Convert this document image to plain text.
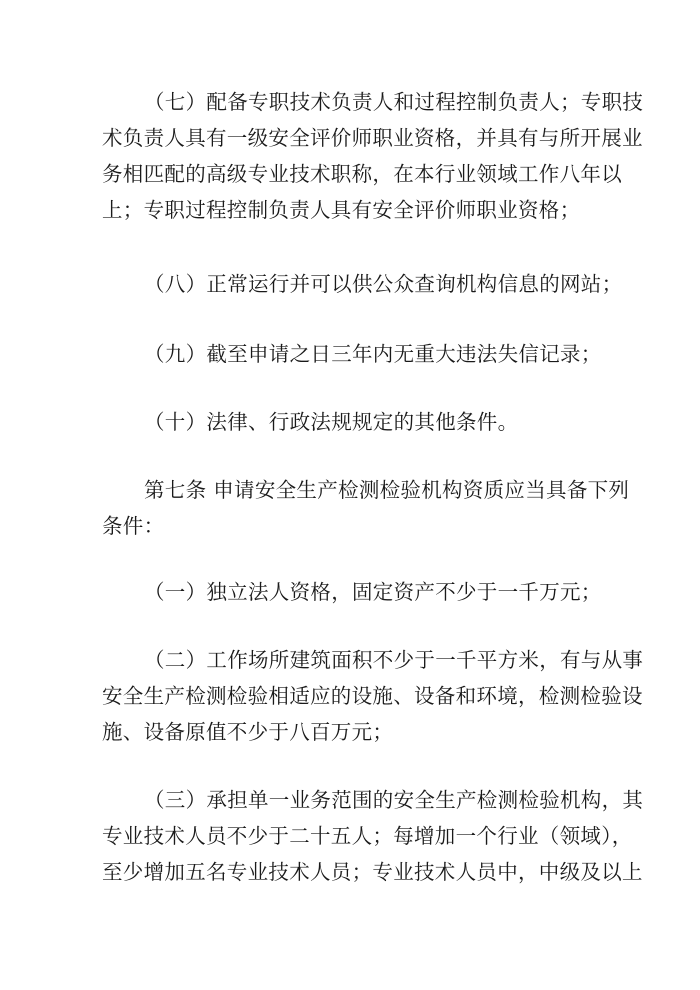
（七）配备专职技术负责人和过程控制负责人；专职技
术负责人具有一级安全评价师职业资格，并具有与所开展业
务相匹配的高级专业技术职称，在本行业领域工作八年以
上；专职过程控制负责人具有安全评价师职业资格；

（八）正常运行并可以供公众查询机构信息的网站；

（九）截至申请之日三年内无重大违法失信记录；

（十）法律、行政法规规定的其他条件。

第七条 申请安全生产检测检验机构资质应当具备下列
条件：

（一）独立法人资格，固定资产不少于一千万元；

（二）工作场所建筑面积不少于一千平方米，有与从事
安全生产检测检验相适应的设施、设备和环境，检测检验设
施、设备原值不少于八百万元；

（三）承担单一业务范围的安全生产检测检验机构，其
专业技术人员不少于二十五人；每增加一个行业（领域），
至少增加五名专业技术人员；专业技术人员中，中级及以上
